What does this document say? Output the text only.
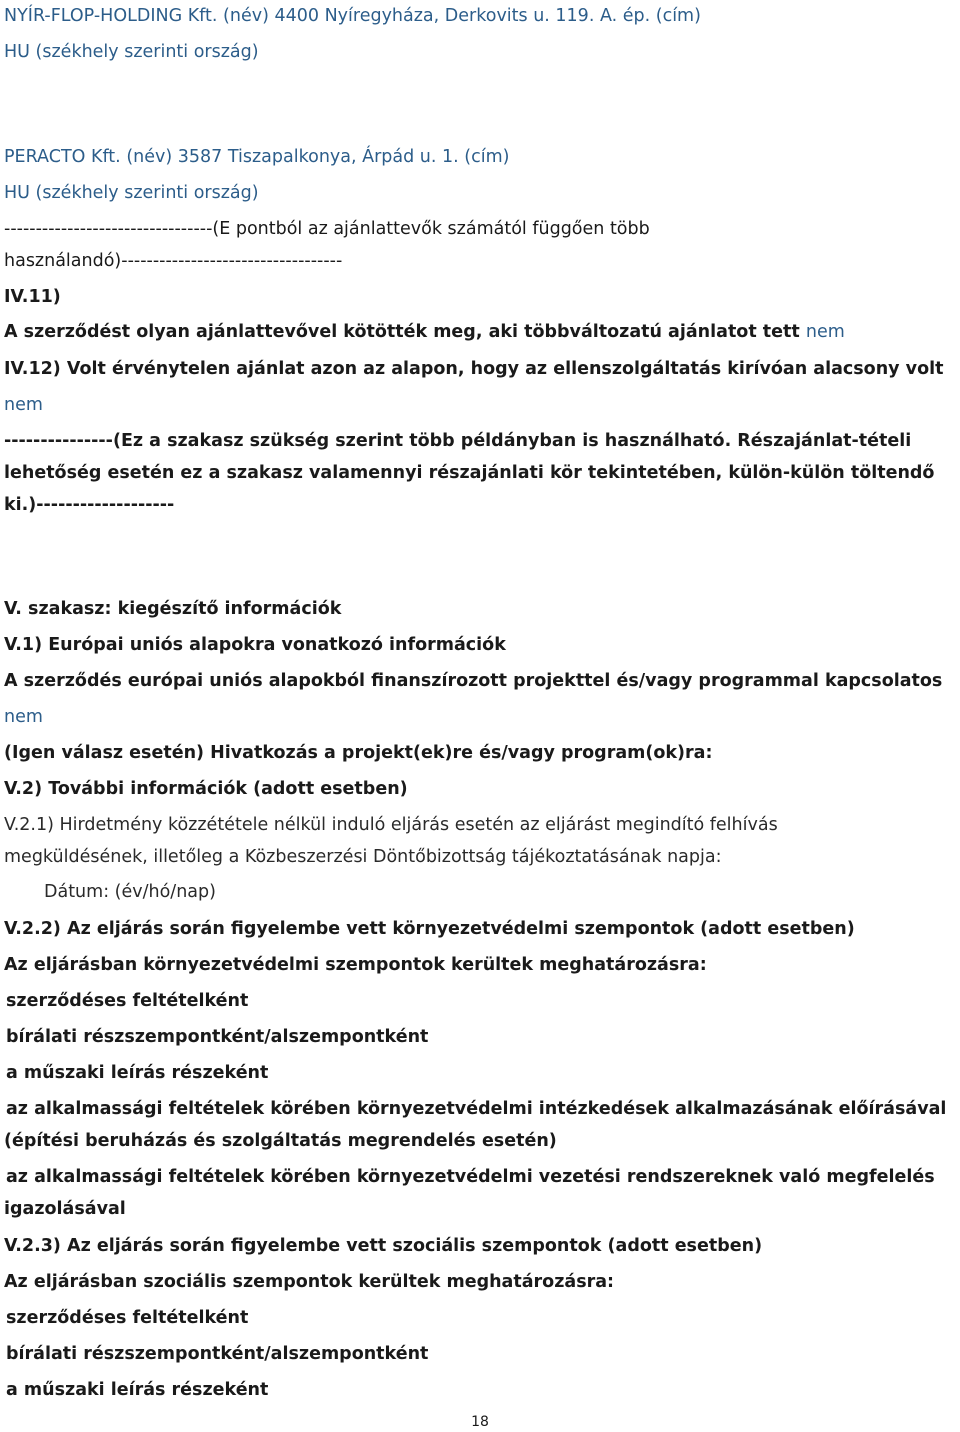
NYÍR-FLOP-HOLDING Kft. (név) 4400 Nyíregyháza, Derkovits u. 119. A. ép. (cím)
HU (székhely szerinti ország)
PERACTO Kft. (név) 3587 Tiszapalkonya, Árpád u. 1. (cím)
HU (székhely szerinti ország)
---------------------------------(E pontból az ajánlattevők számától függően több
használandó)-----------------------------------
IV.11)
A szerződést olyan ajánlattevővel kötötték meg, aki többváltozatú ajánlatot tett nem
IV.12) Volt érvénytelen ajánlat azon az alapon, hogy az ellenszolgáltatás kirívóan alacsony volt
nem
---------------(Ez a szakasz szükség szerint több példányban is használható. Részajánlat-tételi
lehetőség esetén ez a szakasz valamennyi részajánlati kör tekintetében, külön-külön töltendő
ki.)-------------------
V. szakasz: kiegészítő információk
V.1) Európai uniós alapokra vonatkozó információk
A szerződés európai uniós alapokból finanszírozott projekttel és/vagy programmal kapcsolatos
nem
(Igen válasz esetén) Hivatkozás a projekt(ek)re és/vagy program(ok)ra:
V.2) További információk (adott esetben)
V.2.1) Hirdetmény közzététele nélkül induló eljárás esetén az eljárást megindító felhívás
megküldésének, illetőleg a Közbeszerzési Döntőbizottság tájékoztatásának napja:
Dátum: (év/hó/nap)
V.2.2) Az eljárás során figyelembe vett környezetvédelmi szempontok (adott esetben)
Az eljárásban környezetvédelmi szempontok kerültek meghatározásra:
szerződéses feltételként
bírálati részszempontként/alszempontként
a műszaki leírás részeként
az alkalmassági feltételek körében környezetvédelmi intézkedések alkalmazásának előírásával
(építési beruházás és szolgáltatás megrendelés esetén)
az alkalmassági feltételek körében környezetvédelmi vezetési rendszereknek való megfelelés
igazolásával
V.2.3) Az eljárás során figyelembe vett szociális szempontok (adott esetben)
Az eljárásban szociális szempontok kerültek meghatározásra:
szerződéses feltételként
bírálati részszempontként/alszempontként
a műszaki leírás részeként
18
